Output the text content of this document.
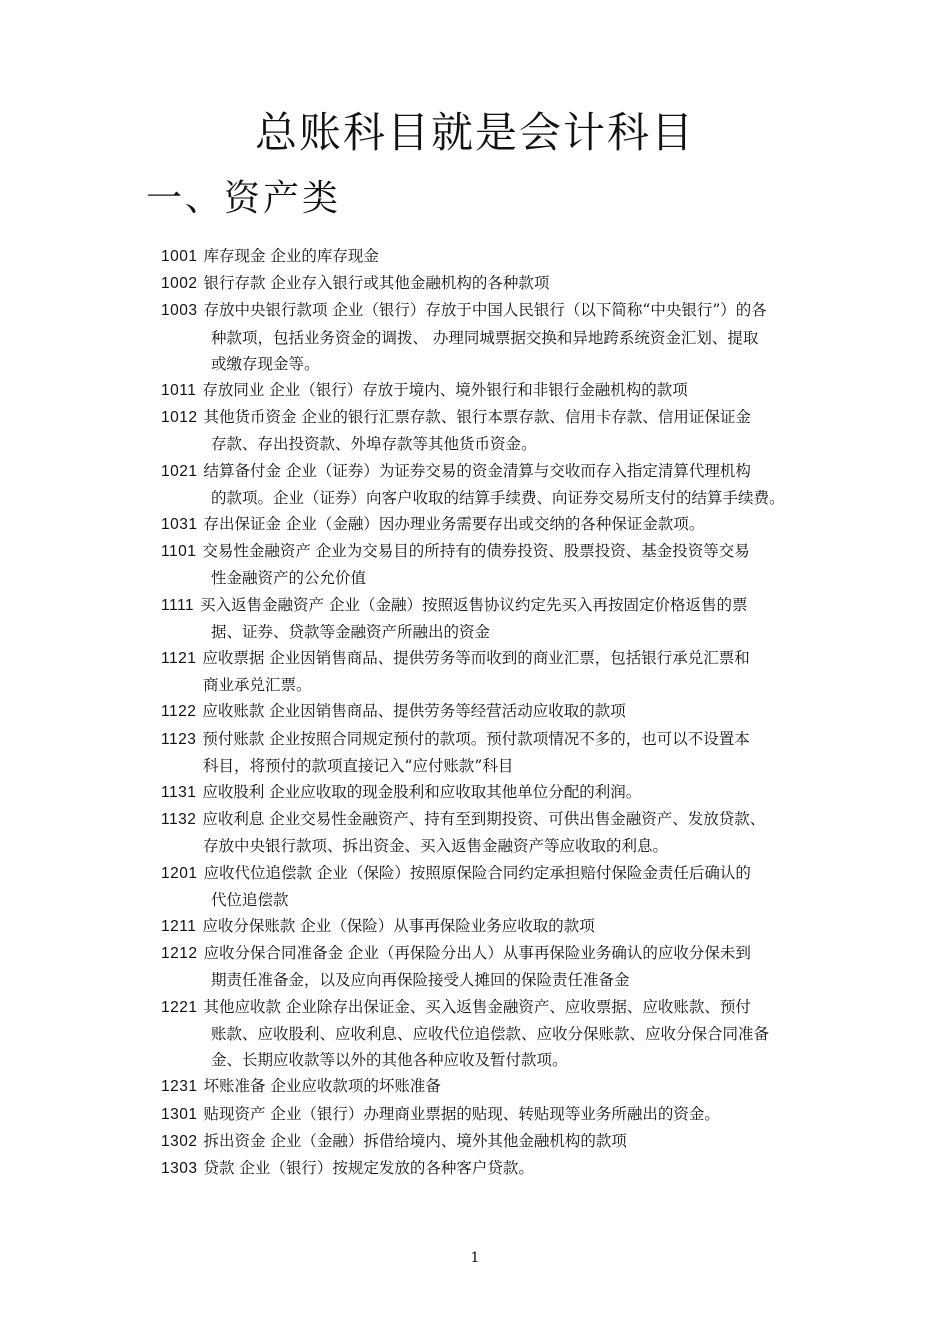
总账科目就是会计科目
一、资产类
1001 库存现金 企业的库存现金
1002 银行存款 企业存入银行或其他金融机构的各种款项
1003 存放中央银行款项 企业（银行）存放于中国人民银行（以下简称“中央银行”）的各
种款项，包括业务资金的调拨、 办理同城票据交换和异地跨系统资金汇划、提取
或缴存现金等。
1011 存放同业 企业（银行）存放于境内、境外银行和非银行金融机构的款项
1012 其他货币资金 企业的银行汇票存款、银行本票存款、信用卡存款、信用证保证金
存款、存出投资款、外埠存款等其他货币资金。
1021 结算备付金 企业（证券）为证券交易的资金清算与交收而存入指定清算代理机构
的款项。企业（证券）向客户收取的结算手续费、向证券交易所支付的结算手续费。
1031 存出保证金 企业（金融）因办理业务需要存出或交纳的各种保证金款项。
1101 交易性金融资产 企业为交易目的所持有的债券投资、股票投资、基金投资等交易
性金融资产的公允价值
1111 买入返售金融资产 企业（金融）按照返售协议约定先买入再按固定价格返售的票
据、证券、贷款等金融资产所融出的资金
1121 应收票据 企业因销售商品、提供劳务等而收到的商业汇票，包括银行承兑汇票和
商业承兑汇票。
1122 应收账款 企业因销售商品、提供劳务等经营活动应收取的款项
1123 预付账款 企业按照合同规定预付的款项。预付款项情况不多的，也可以不设置本
科目，将预付的款项直接记入“应付账款”科目
1131 应收股利 企业应收取的现金股利和应收取其他单位分配的利润。
1132 应收利息 企业交易性金融资产、持有至到期投资、可供出售金融资产、发放贷款、
存放中央银行款项、拆出资金、买入返售金融资产等应收取的利息。
1201 应收代位追偿款 企业（保险）按照原保险合同约定承担赔付保险金责任后确认的
代位追偿款
1211 应收分保账款 企业（保险）从事再保险业务应收取的款项
1212 应收分保合同准备金 企业（再保险分出人）从事再保险业务确认的应收分保未到
期责任准备金，以及应向再保险接受人摊回的保险责任准备金
1221 其他应收款 企业除存出保证金、买入返售金融资产、应收票据、应收账款、预付
账款、应收股利、应收利息、应收代位追偿款、应收分保账款、应收分保合同准备
金、长期应收款等以外的其他各种应收及暂付款项。
1231 坏账准备 企业应收款项的坏账准备
1301 贴现资产 企业（银行）办理商业票据的贴现、转贴现等业务所融出的资金。
1302 拆出资金 企业（金融）拆借给境内、境外其他金融机构的款项
1303 贷款 企业（银行）按规定发放的各种客户贷款。
1
